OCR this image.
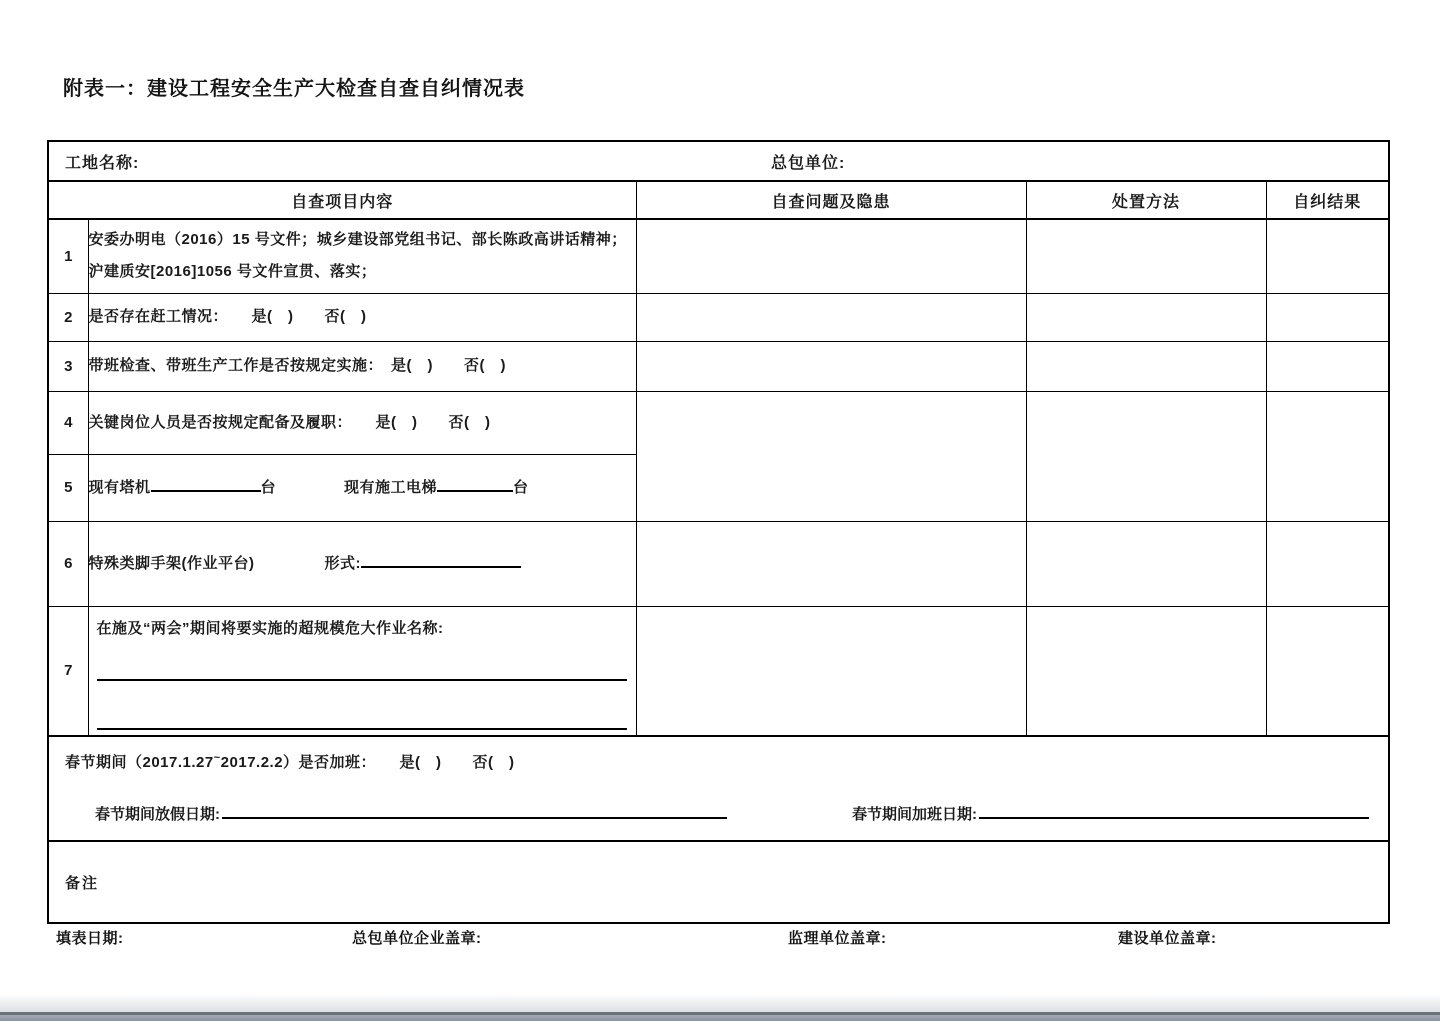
附表一：建设工程安全生产大检查自查自纠情况表
工地名称: 总包单位:				

自查项目内容		自查问题及隐患	处置方法	自纠结果
1	安委办明电（2016）15 号文件；城乡建设部党组书记、部长陈政高讲话精神；沪建质安[2016]1056 号文件宣贯、落实；			
2	是否存在赶工情况：　　是(　)　　否(　)			
3	带班检查、带班生产工作是否按规定实施：　是(　)　　否(　)			
4	关键岗位人员是否按规定配备及履职：　　是(　)　　否(　)			
5	现有塔机 台 现有施工电梯 台			
6	特殊类脚手架(作业平台) 形式:			
7	在施及“两会”期间将要实施的超规模危大作业名称:			

春节期间（2017.1.27~2017.2.2）是否加班：　　是(　)　　否(　)
春节期间放假日期: 春节期间加班日期:				

备注				
填表日期:	总包单位企业盖章:	监理单位盖章:	建设单位盖章:
